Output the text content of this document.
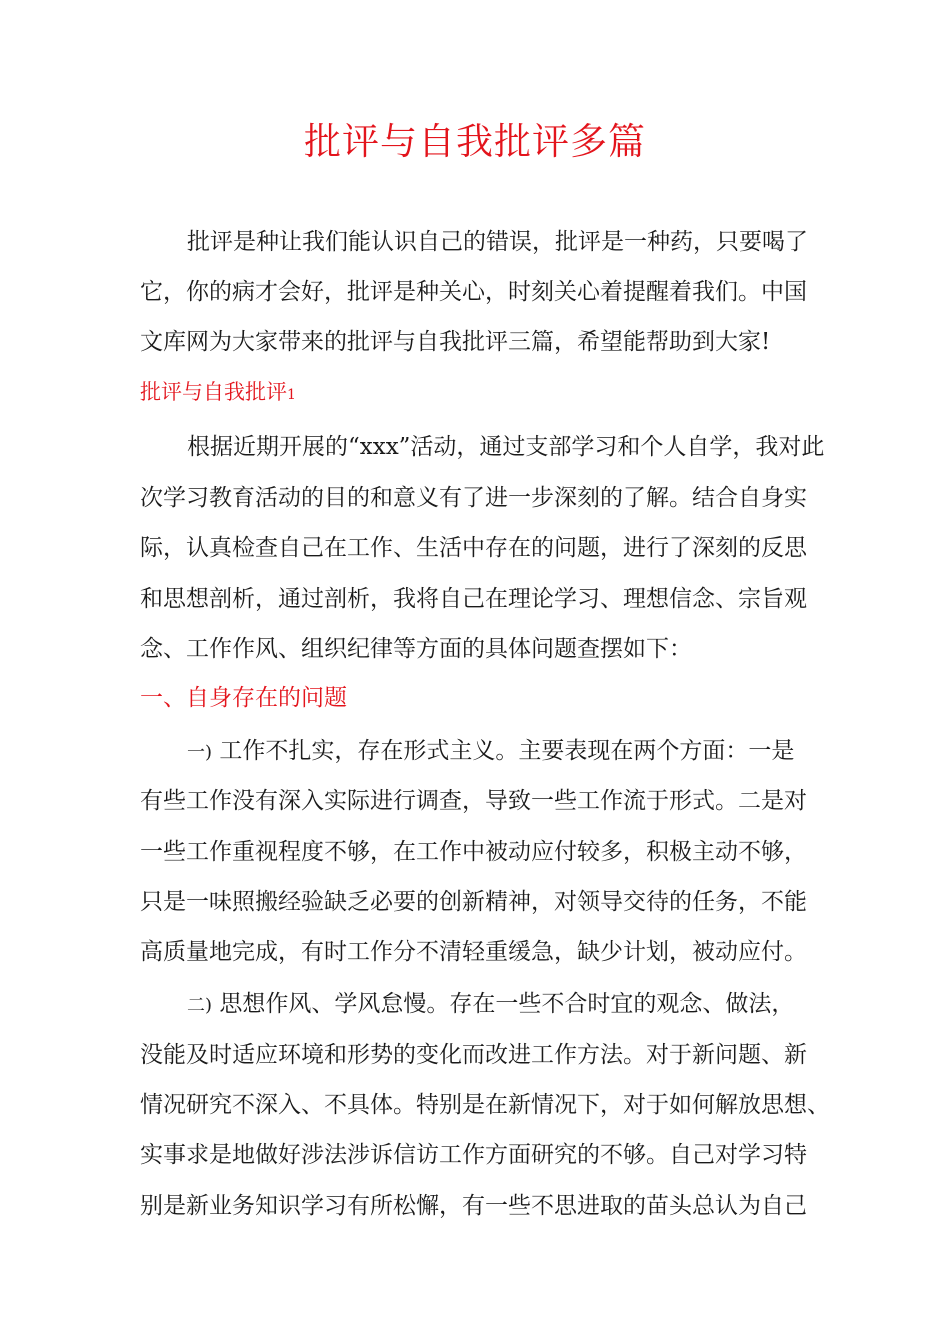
批评与自我批评多篇
批评是种让我们能认识自己的错误，批评是一种药，只要喝了
它，你的病才会好，批评是种关心，时刻关心着提醒着我们。中国
文库网为大家带来的批评与自我批评三篇，希望能帮助到大家!
批评与自我批评1
根据近期开展的“xxx”活动，通过支部学习和个人自学，我对此
次学习教育活动的目的和意义有了进一步深刻的了解。结合自身实
际，认真检查自己在工作、生活中存在的问题，进行了深刻的反思
和思想剖析，通过剖析，我将自己在理论学习、理想信念、宗旨观
念、工作作风、组织纪律等方面的具体问题查摆如下：
一、自身存在的问题
一) 工作不扎实，存在形式主义。主要表现在两个方面：一是
有些工作没有深入实际进行调查，导致一些工作流于形式。二是对
一些工作重视程度不够，在工作中被动应付较多，积极主动不够，
只是一味照搬经验缺乏必要的创新精神，对领导交待的任务，不能
高质量地完成，有时工作分不清轻重缓急，缺少计划，被动应付。
二) 思想作风、学风怠慢。存在一些不合时宜的观念、做法，
没能及时适应环境和形势的变化而改进工作方法。对于新问题、新
情况研究不深入、不具体。特别是在新情况下，对于如何解放思想、
实事求是地做好涉法涉诉信访工作方面研究的不够。自己对学习特
别是新业务知识学习有所松懈，有一些不思进取的苗头总认为自己
